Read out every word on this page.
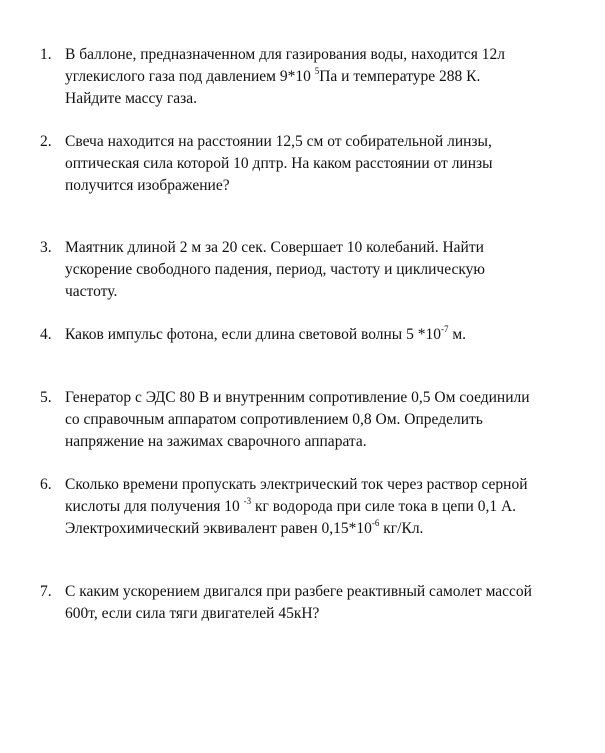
1. В баллоне, предназначенном для газирования воды, находится 12л
углекислого газа под давлением 9*10 $^5$Па и температуре 288 К.
Найдите массу газа.
2. Свеча находится на расстоянии 12,5 см от собирательной линзы,
оптическая сила которой 10 дптр. На каком расстоянии от линзы
получится изображение?
3. Маятник длиной 2 м за 20 сек. Совершает 10 колебаний. Найти
ускорение свободного падения, период, частоту и циклическую
частоту.
4. Каков импульс фотона, если длина световой волны 5 $*10^{-7}$ м.
5. Генератор с ЭДС 80 В и внутренним сопротивление 0,5 Ом соединили
со справочным аппаратом сопротивлением 0,8 Ом. Определить
напряжение на зажимах сварочного аппарата.
6. Сколько времени пропускать электрический ток через раствор серной
кислоты для получения 10 $^{-3}$ кг водорода при силе тока в цепи 0,1 А.
Электрохимический эквивалент равен $0,15*10^{-6}$ кг/Кл.
7. С каким ускорением двигался при разбеге реактивный самолет массой
600т, если сила тяги двигателей 45кН?
